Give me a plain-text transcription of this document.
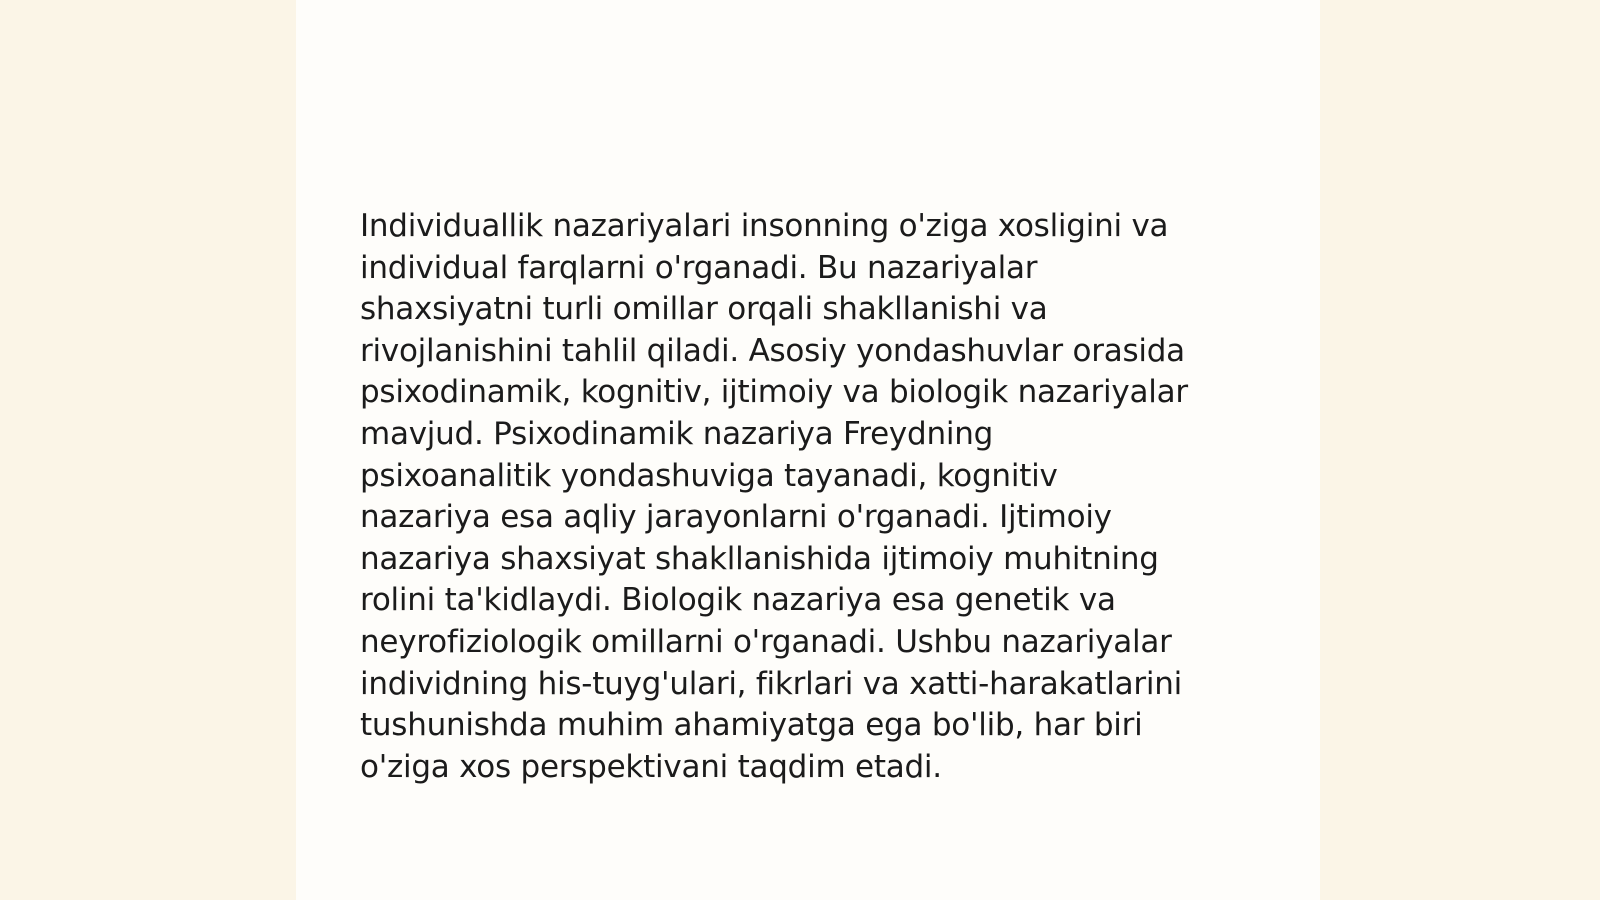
Individuallik nazariyalari insonning o'ziga xosligini va
individual farqlarni o'rganadi. Bu nazariyalar
shaxsiyatni turli omillar orqali shakllanishi va
rivojlanishini tahlil qiladi. Asosiy yondashuvlar orasida
psixodinamik, kognitiv, ijtimoiy va biologik nazariyalar
mavjud. Psixodinamik nazariya Freydning
psixoanalitik yondashuviga tayanadi, kognitiv
nazariya esa aqliy jarayonlarni o'rganadi. Ijtimoiy
nazariya shaxsiyat shakllanishida ijtimoiy muhitning
rolini ta'kidlaydi. Biologik nazariya esa genetik va
neyrofiziologik omillarni o'rganadi. Ushbu nazariyalar
individning his-tuyg'ulari, fikrlari va xatti-harakatlarini
tushunishda muhim ahamiyatga ega bo'lib, har biri
o'ziga xos perspektivani taqdim etadi.
